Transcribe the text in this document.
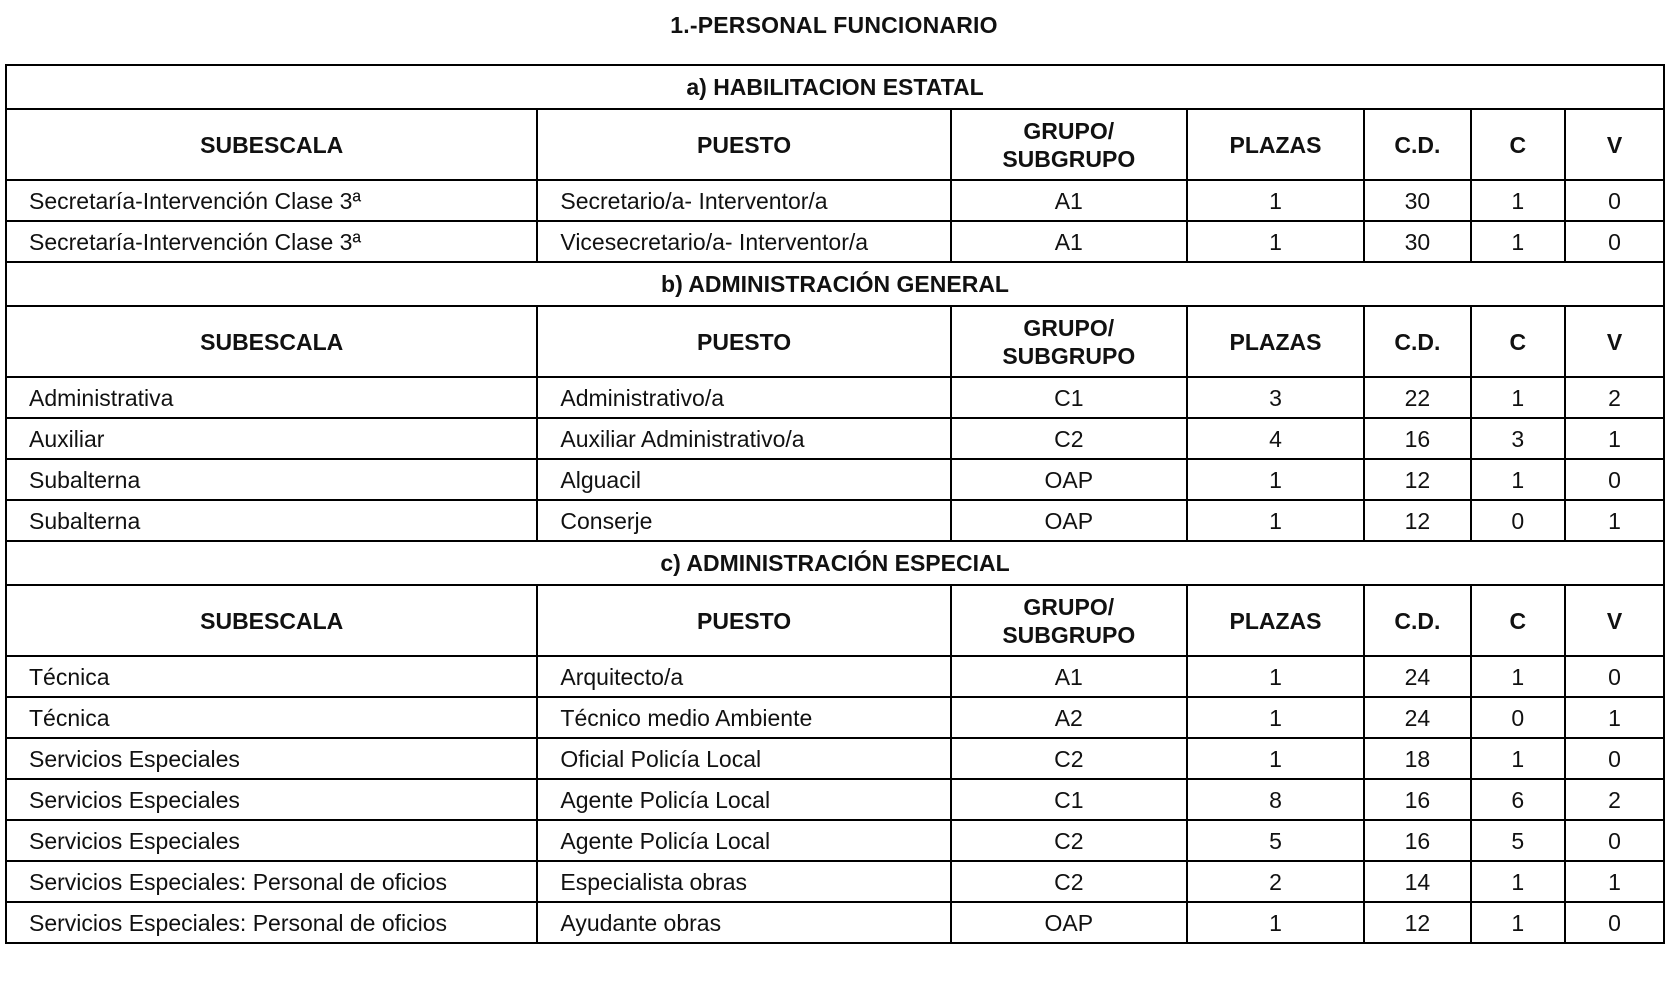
1.-PERSONAL FUNCIONARIO
a) HABILITACION ESTATAL						
SUBESCALA	PUESTO	GRUPO/
SUBGRUPO	PLAZAS	C.D.	C	V
Secretaría-Intervención Clase 3ª	Secretario/a- Interventor/a	A1	1	30	1	0
Secretaría-Intervención Clase 3ª	Vicesecretario/a- Interventor/a	A1	1	30	1	0
b) ADMINISTRACIÓN GENERAL						
SUBESCALA	PUESTO	GRUPO/
SUBGRUPO	PLAZAS	C.D.	C	V
Administrativa	Administrativo/a	C1	3	22	1	2
Auxiliar	Auxiliar Administrativo/a	C2	4	16	3	1
Subalterna	Alguacil	OAP	1	12	1	0
Subalterna	Conserje	OAP	1	12	0	1
c) ADMINISTRACIÓN ESPECIAL						
SUBESCALA	PUESTO	GRUPO/
SUBGRUPO	PLAZAS	C.D.	C	V
Técnica	Arquitecto/a	A1	1	24	1	0
Técnica	Técnico medio Ambiente	A2	1	24	0	1
Servicios Especiales	Oficial Policía Local	C2	1	18	1	0
Servicios Especiales	Agente Policía Local	C1	8	16	6	2
Servicios Especiales	Agente Policía Local	C2	5	16	5	0
Servicios Especiales: Personal de oficios	Especialista obras	C2	2	14	1	1
Servicios Especiales: Personal de oficios	Ayudante obras	OAP	1	12	1	0
